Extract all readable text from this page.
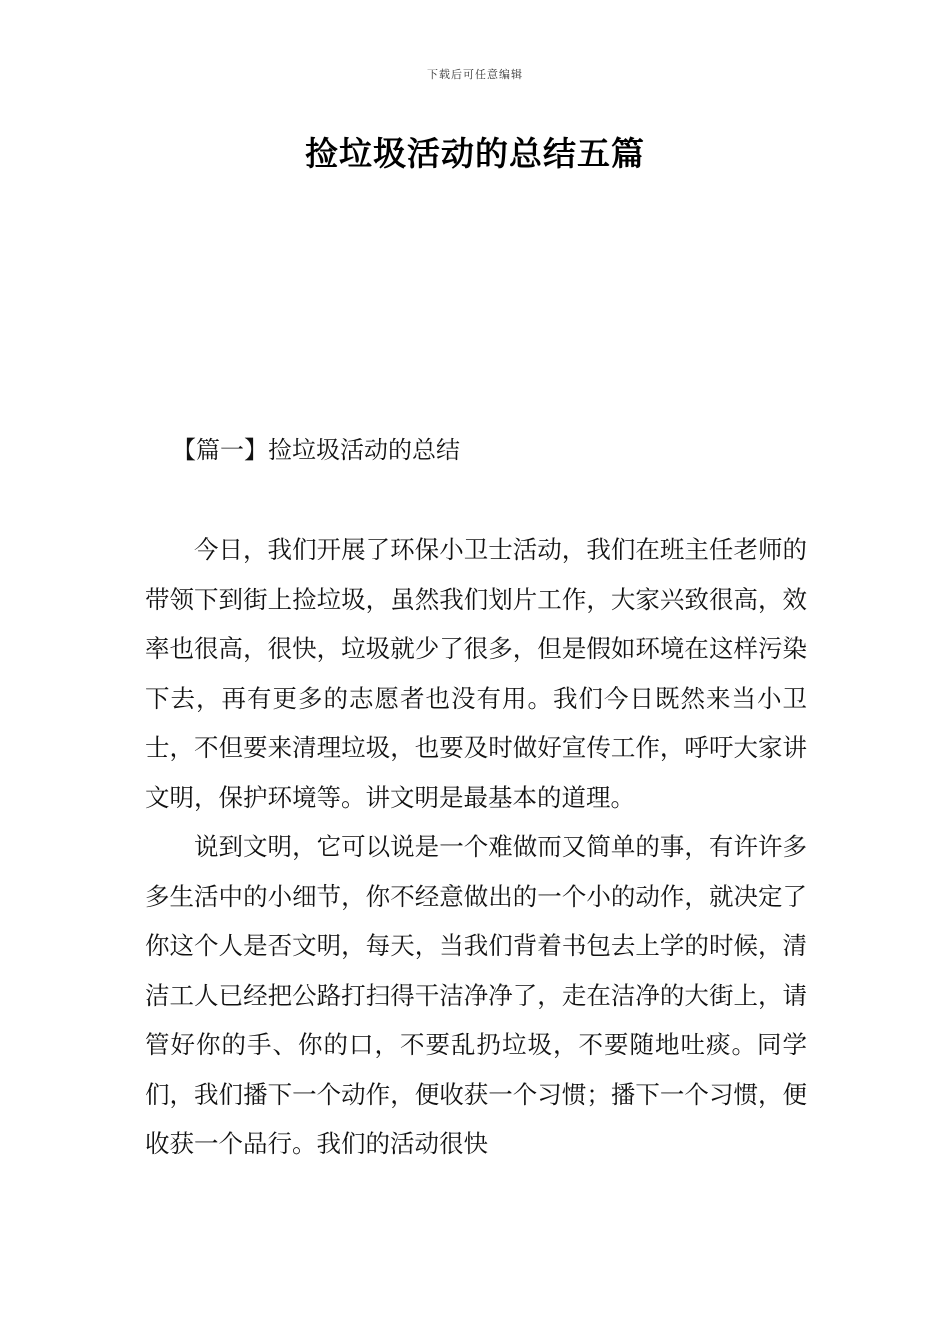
下载后可任意编辑
捡垃圾活动的总结五篇
【篇一】捡垃圾活动的总结

今日，我们开展了环保小卫士活动，我们在班主任老师的带领下到街上捡垃圾，虽然我们划片工作，大家兴致很高，效率也很高，很快，垃圾就少了很多，但是假如环境在这样污染下去，再有更多的志愿者也没有用。我们今日既然来当小卫士，不但要来清理垃圾，也要及时做好宣传工作，呼吁大家讲文明，保护环境等。讲文明是最基本的道理。

说到文明，它可以说是一个难做而又简单的事，有许许多多生活中的小细节，你不经意做出的一个小的动作，就决定了你这个人是否文明，每天，当我们背着书包去上学的时候，清洁工人已经把公路打扫得干洁净净了，走在洁净的大街上，请管好你的手、你的口，不要乱扔垃圾，不要随地吐痰。同学们，我们播下一个动作，便收获一个习惯；播下一个习惯，便收获一个品行。我们的活动很快
